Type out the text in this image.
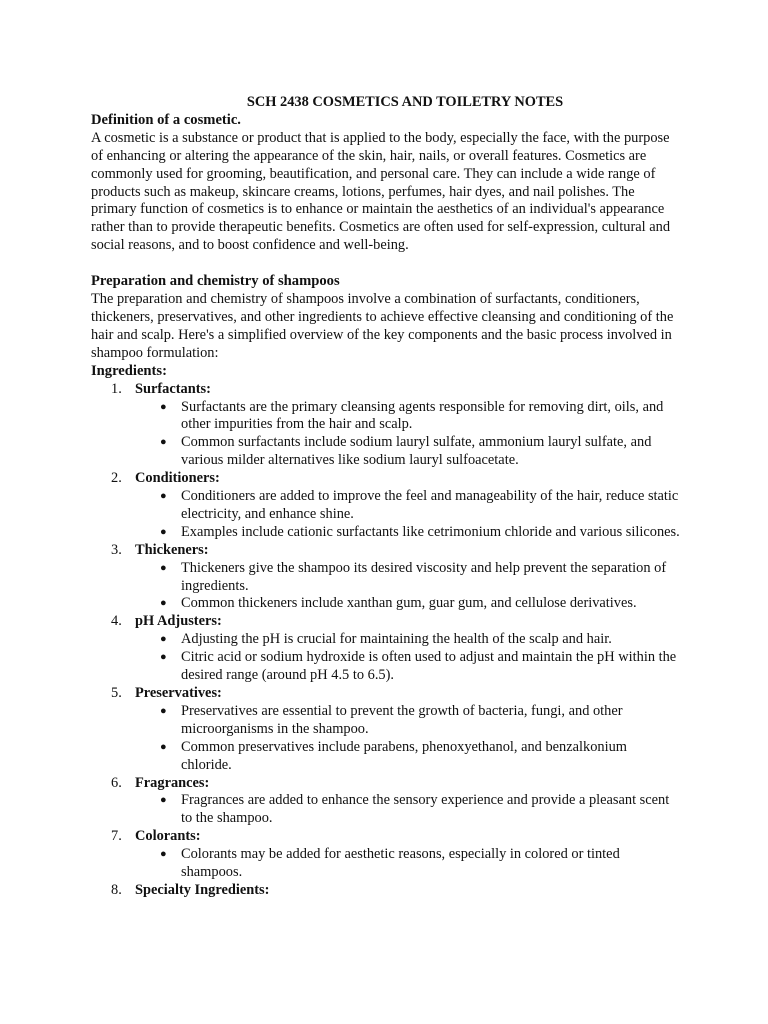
SCH 2438 COSMETICS AND TOILETRY NOTES

Definition of a cosmetic.

A cosmetic is a substance or product that is applied to the body, especially the face, with the purpose of enhancing or altering the appearance of the skin, hair, nails, or overall features. Cosmetics are commonly used for grooming, beautification, and personal care. They can include a wide range of products such as makeup, skincare creams, lotions, perfumes, hair dyes, and nail polishes. The primary function of cosmetics is to enhance or maintain the aesthetics of an individual's appearance rather than to provide therapeutic benefits. Cosmetics are often used for self-expression, cultural and social reasons, and to boost confidence and well-being.

Preparation and chemistry of shampoos

The preparation and chemistry of shampoos involve a combination of surfactants, conditioners, thickeners, preservatives, and other ingredients to achieve effective cleansing and conditioning of the hair and scalp. Here's a simplified overview of the key components and the basic process involved in shampoo formulation:

Ingredients:

1. Surfactants:
● Surfactants are the primary cleansing agents responsible for removing dirt, oils, and other impurities from the hair and scalp.
● Common surfactants include sodium lauryl sulfate, ammonium lauryl sulfate, and various milder alternatives like sodium lauryl sulfoacetate.
2. Conditioners:
● Conditioners are added to improve the feel and manageability of the hair, reduce static electricity, and enhance shine.
● Examples include cationic surfactants like cetrimonium chloride and various silicones.
3. Thickeners:
● Thickeners give the shampoo its desired viscosity and help prevent the separation of ingredients.
● Common thickeners include xanthan gum, guar gum, and cellulose derivatives.
4. pH Adjusters:
● Adjusting the pH is crucial for maintaining the health of the scalp and hair.
● Citric acid or sodium hydroxide is often used to adjust and maintain the pH within the desired range (around pH 4.5 to 6.5).
5. Preservatives:
● Preservatives are essential to prevent the growth of bacteria, fungi, and other microorganisms in the shampoo.
● Common preservatives include parabens, phenoxyethanol, and benzalkonium chloride.
6. Fragrances:
● Fragrances are added to enhance the sensory experience and provide a pleasant scent to the shampoo.
7. Colorants:
● Colorants may be added for aesthetic reasons, especially in colored or tinted shampoos.
8. Specialty Ingredients:
